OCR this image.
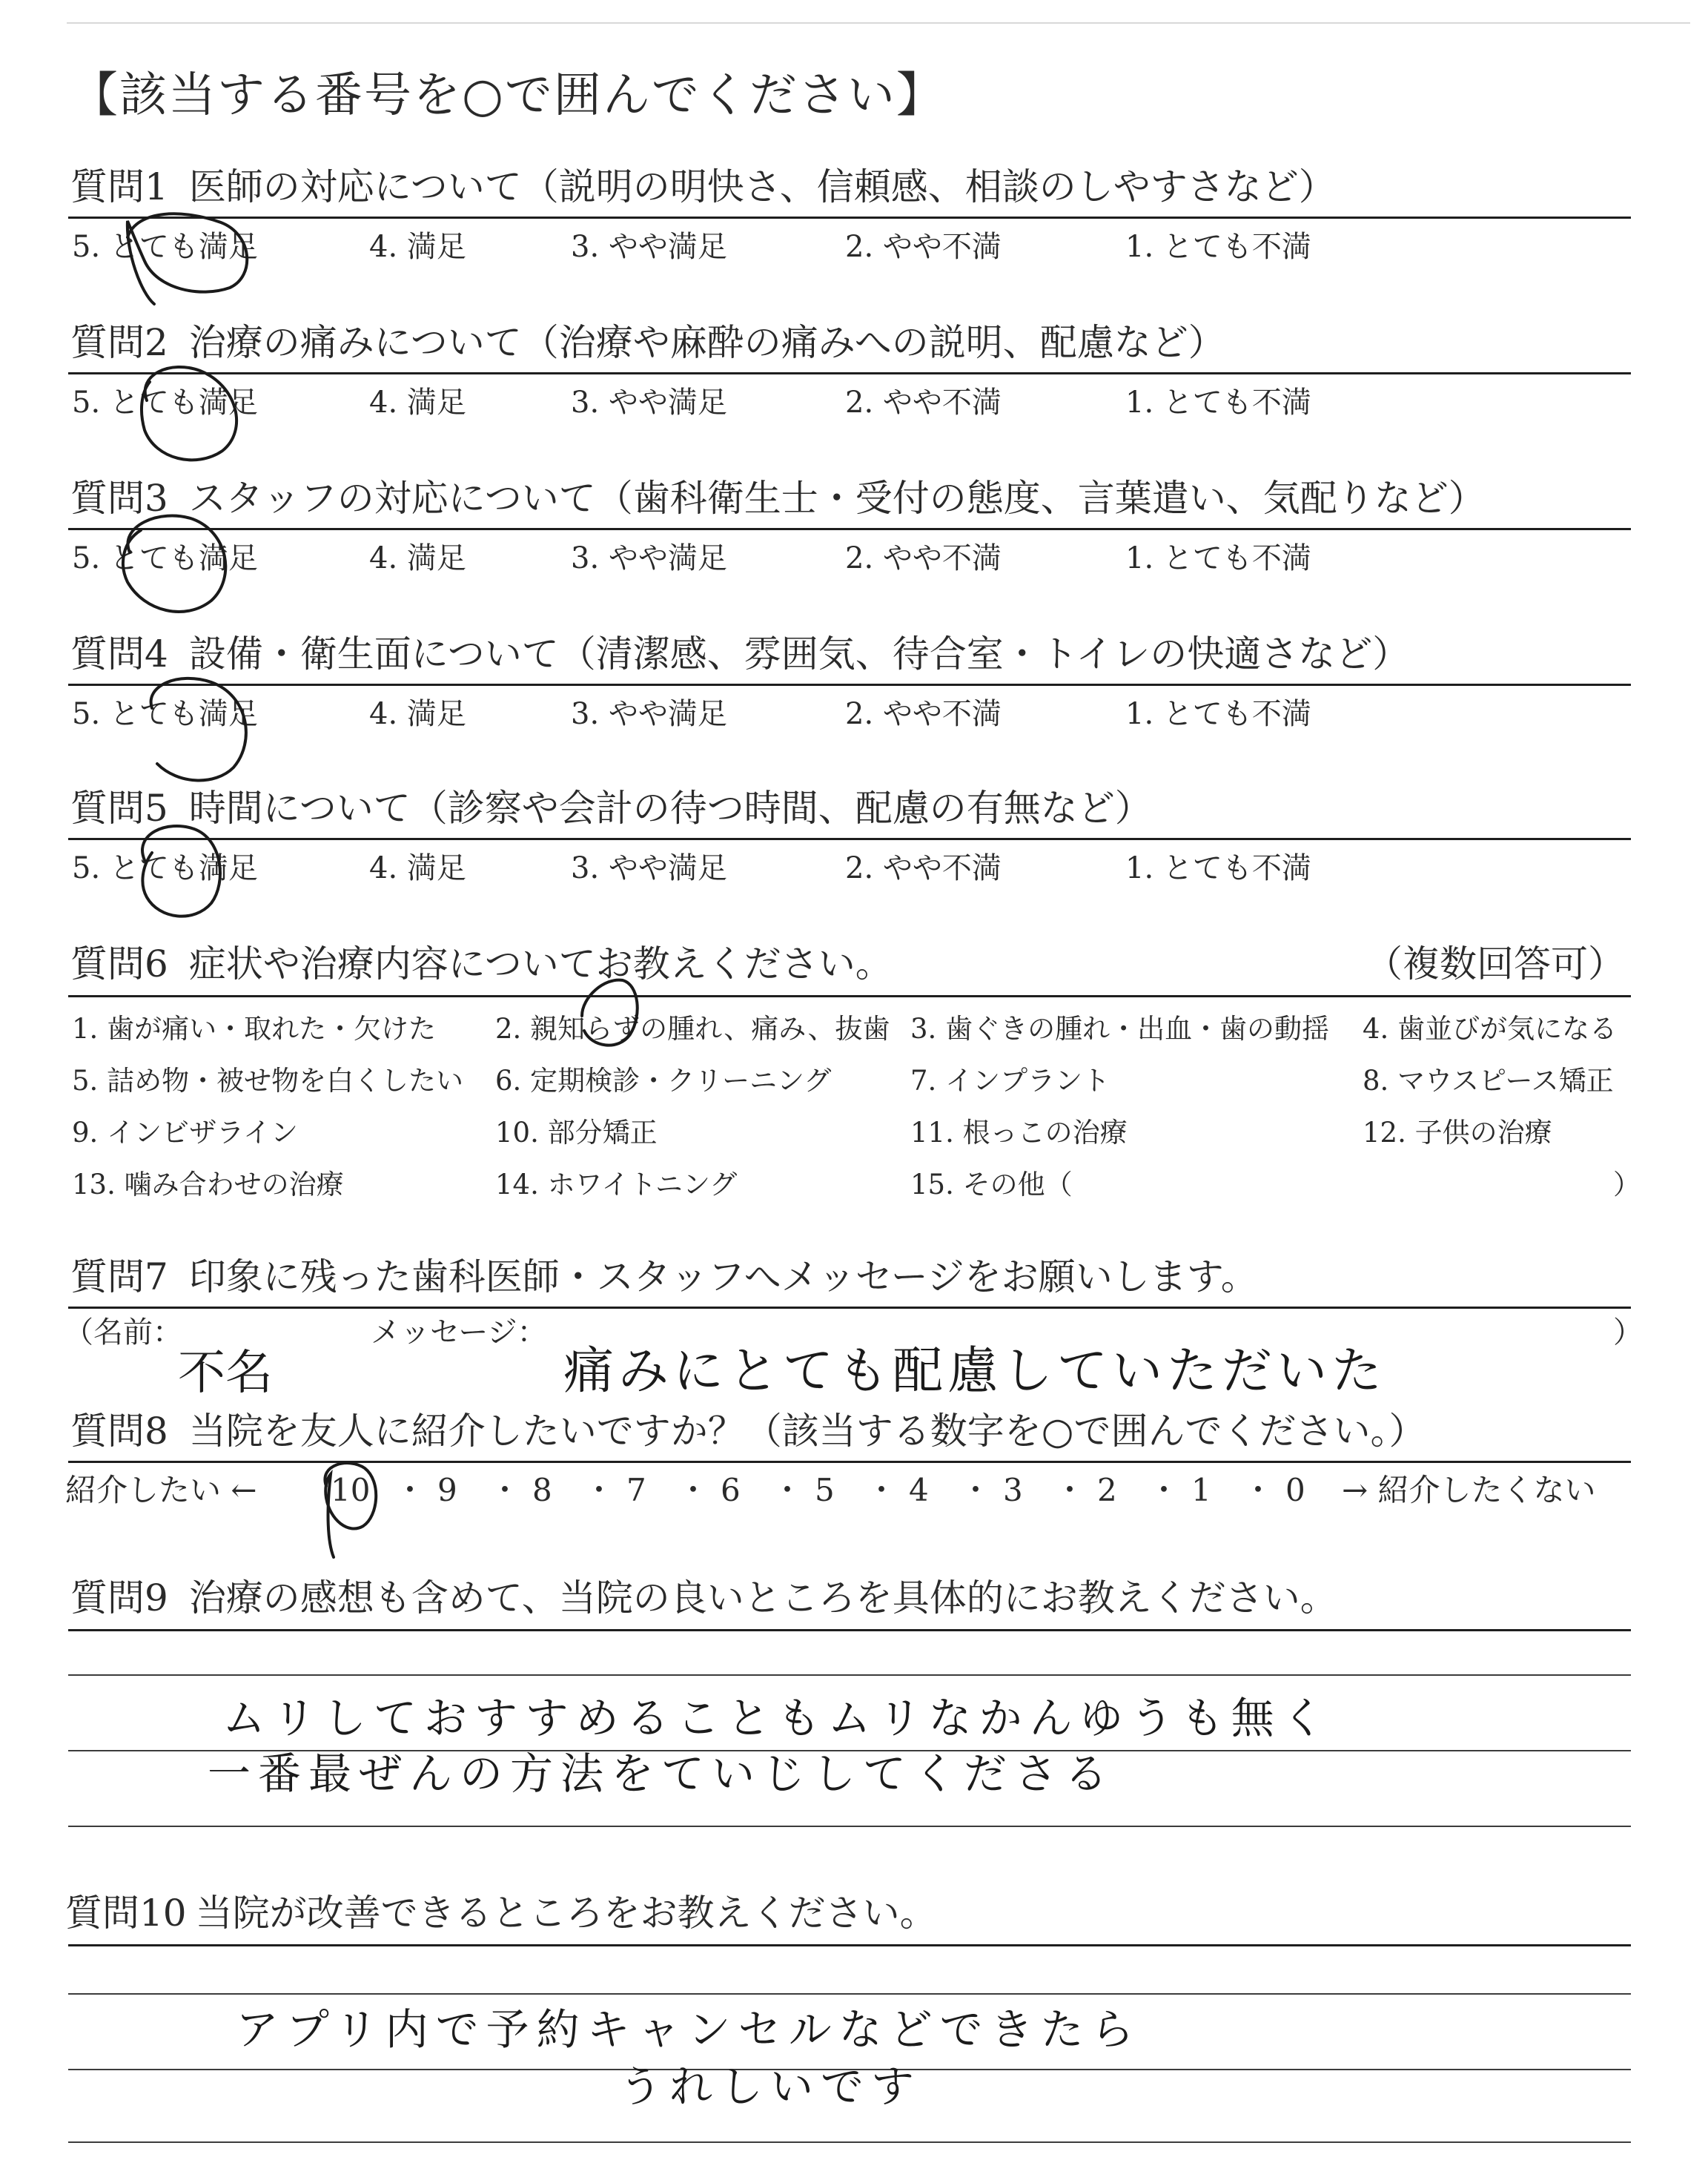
【該当する番号を○で囲んでください】
質問1 医師の対応について（説明の明快さ、信頼感、相談のしやすさなど）
5. とても満足	4. 満足	3. やや満足	2. やや不満	1. とても不満
質問2 治療の痛みについて（治療や麻酔の痛みへの説明、配慮など）
5. とても満足	4. 満足	3. やや満足	2. やや不満	1. とても不満
質問3 スタッフの対応について（歯科衛生士・受付の態度、言葉遣い、気配りなど）
5. とても満足	4. 満足	3. やや満足	2. やや不満	1. とても不満
質問4 設備・衛生面について（清潔感、雰囲気、待合室・トイレの快適さなど）
5. とても満足	4. 満足	3. やや満足	2. やや不満	1. とても不満
質問5 時間について（診察や会計の待つ時間、配慮の有無など）
5. とても満足	4. 満足	3. やや満足	2. やや不満	1. とても不満
質問6 症状や治療内容についてお教えください。	（複数回答可）
1. 歯が痛い・取れた・欠けた 2. 親知らずの腫れ、痛み、抜歯 3. 歯ぐきの腫れ・出血・歯の動揺 4. 歯並びが気になる
5. 詰め物・被せ物を白くしたい 6. 定期検診・クリーニング	7. インプラント	8. マウスピース矯正
9. インビザライン	10. 部分矯正	11. 根っこの治療	12. 子供の治療
13. 噛み合わせの治療	14. ホワイトニング	15. その他（	）
質問7 印象に残った歯科医師・スタッフへメッセージをお願いします。
（名前：	メッセージ：	）
不名	痛みにとても配慮していただいた
質問8 当院を友人に紹介したいですか？（該当する数字を○で囲んでください。）
紹介したい ← 10 ・ 9 ・ 8 ・ 7 ・ 6 ・ 5 ・ 4 ・ 3 ・ 2 ・ 1 ・ 0 → 紹介したくない
質問9 治療の感想も含めて、当院の良いところを具体的にお教えください。
ムリしておすすめることもムリなかんゆうも無く
一番最ぜんの方法をていじしてくださる
質問10 当院が改善できるところをお教えください。
アプリ内で予約キャンセルなどできたら
うれしいです
